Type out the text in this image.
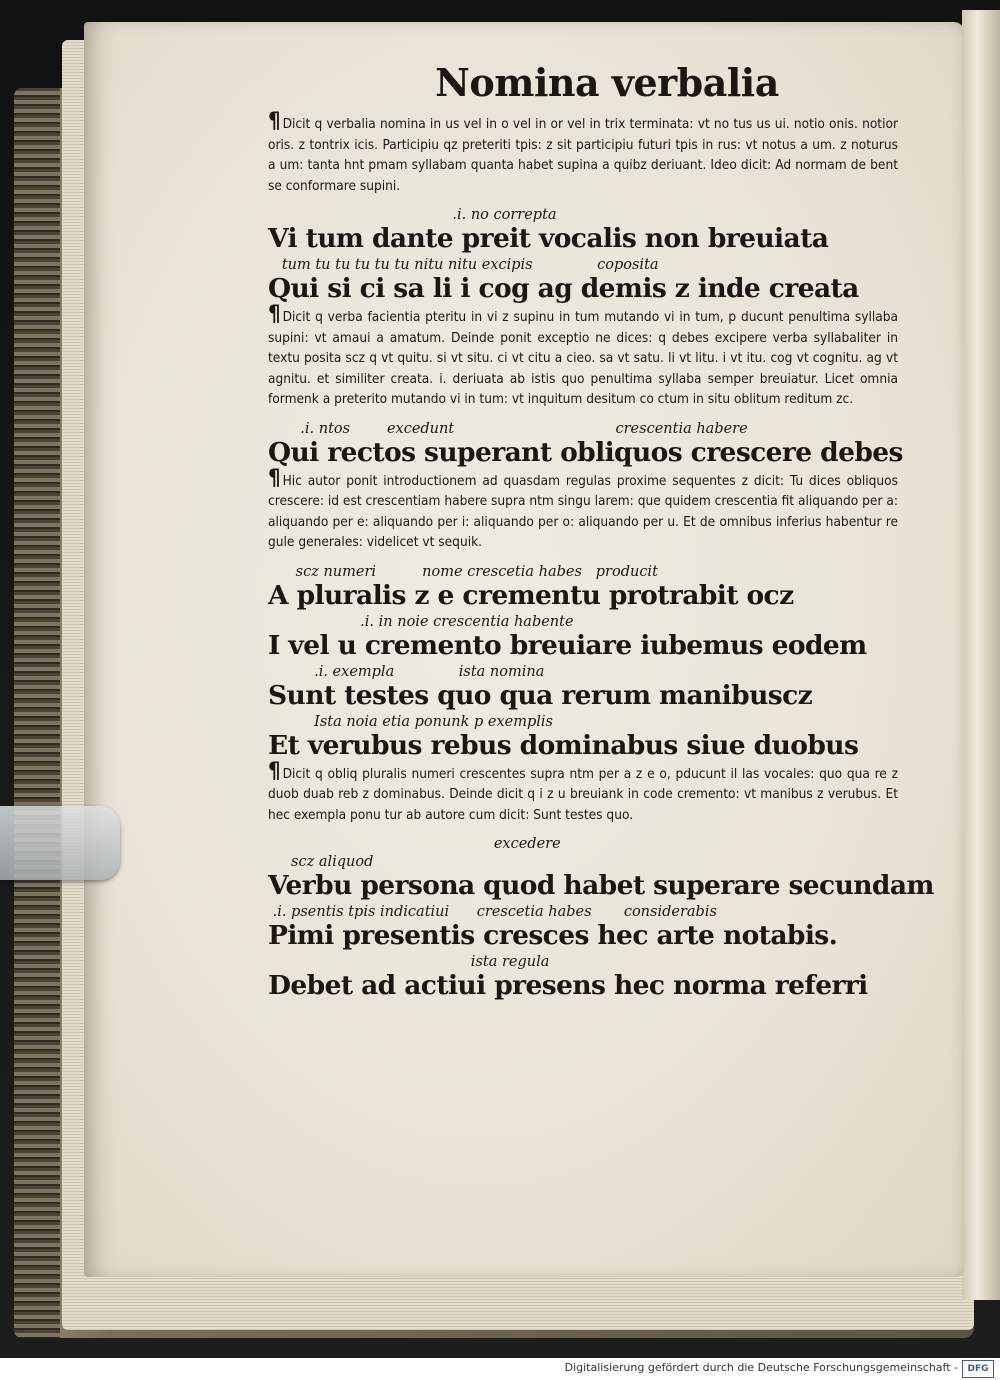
Nomina verbalia

¶ Dicit q verbalia nomina in us vel in o vel in or vel in trix terminata: vt no tus us ui. notio onis. notior oris. z tontrix icis. Participiu qz preteriti tpis: z sit participiu futuri tpis in rus: vt notus a um. z noturus a um: tanta hnt pmam syllabam quanta habet supina a quibz deriuant. Ideo dicit: Ad normam de bent se conformare supini.

.i. no correpta

Vi tum dante preit vocalis non breuiata

tum tu tu tu tu tu nitu nitu excipis              coposita

Qui si ci sa li i cog ag demis z inde creata

¶ Dicit q verba facientia pteritu in vi z supinu in tum mutando vi in tum, p ducunt penultima syllaba supini: vt amaui a amatum. Deinde ponit exceptio ne dices: q debes excipere verba syllabaliter in textu posita scz q vt quitu. si vt situ. ci vt citu a cieo. sa vt satu. li vt litu. i vt itu. cog vt cognitu. ag vt agnitu. et similiter creata. i. deriuata ab istis quo penultima syllaba semper breuiatur. Licet omnia formenk a preterito mutando vi in tum: vt inquitum desitum co ctum in situ oblitum reditum zc.

.i. ntos        excedunt                                   crescentia habere

Qui rectos superant obliquos crescere debes

¶ Hic autor ponit introductionem ad quasdam regulas proxime sequentes z dicit: Tu dices obliquos crescere: id est crescentiam habere supra ntm singu larem: que quidem crescentia fit aliquando per a: aliquando per e: aliquando per i: aliquando per o: aliquando per u. Et de omnibus inferius habentur re gule generales: videlicet vt sequik.

scz numeri          nome crescetia habes   producit

A pluralis z e crementu protrabit ocz

.i. in noie crescentia habente

I vel u cremento breuiare iubemus eodem

.i. exempla              ista nomina

Sunt testes quo qua rerum manibuscz

Ista noia etia ponunk p exemplis

Et verubus rebus dominabus siue duobus

¶ Dicit q obliq pluralis numeri crescentes supra ntm per a z e o, pducunt il las vocales: quo qua re z duob duab reb z dominabus. Deinde dicit q i z u breuiank in code cremento: vt manibus z verubus. Et hec exempla ponu tur ab autore cum dicit: Sunt testes quo.

excedere
scz aliquod

Verbu persona quod habet superare secundam

.i. psentis tpis indicatiui      crescetia habes       considerabis

Pimi presentis cresces hec arte notabis.

ista regula

Debet ad actiui presens hec norma referri

Digitalisierung gefördert durch die Deutsche Forschungsgemeinschaft -	DFG
